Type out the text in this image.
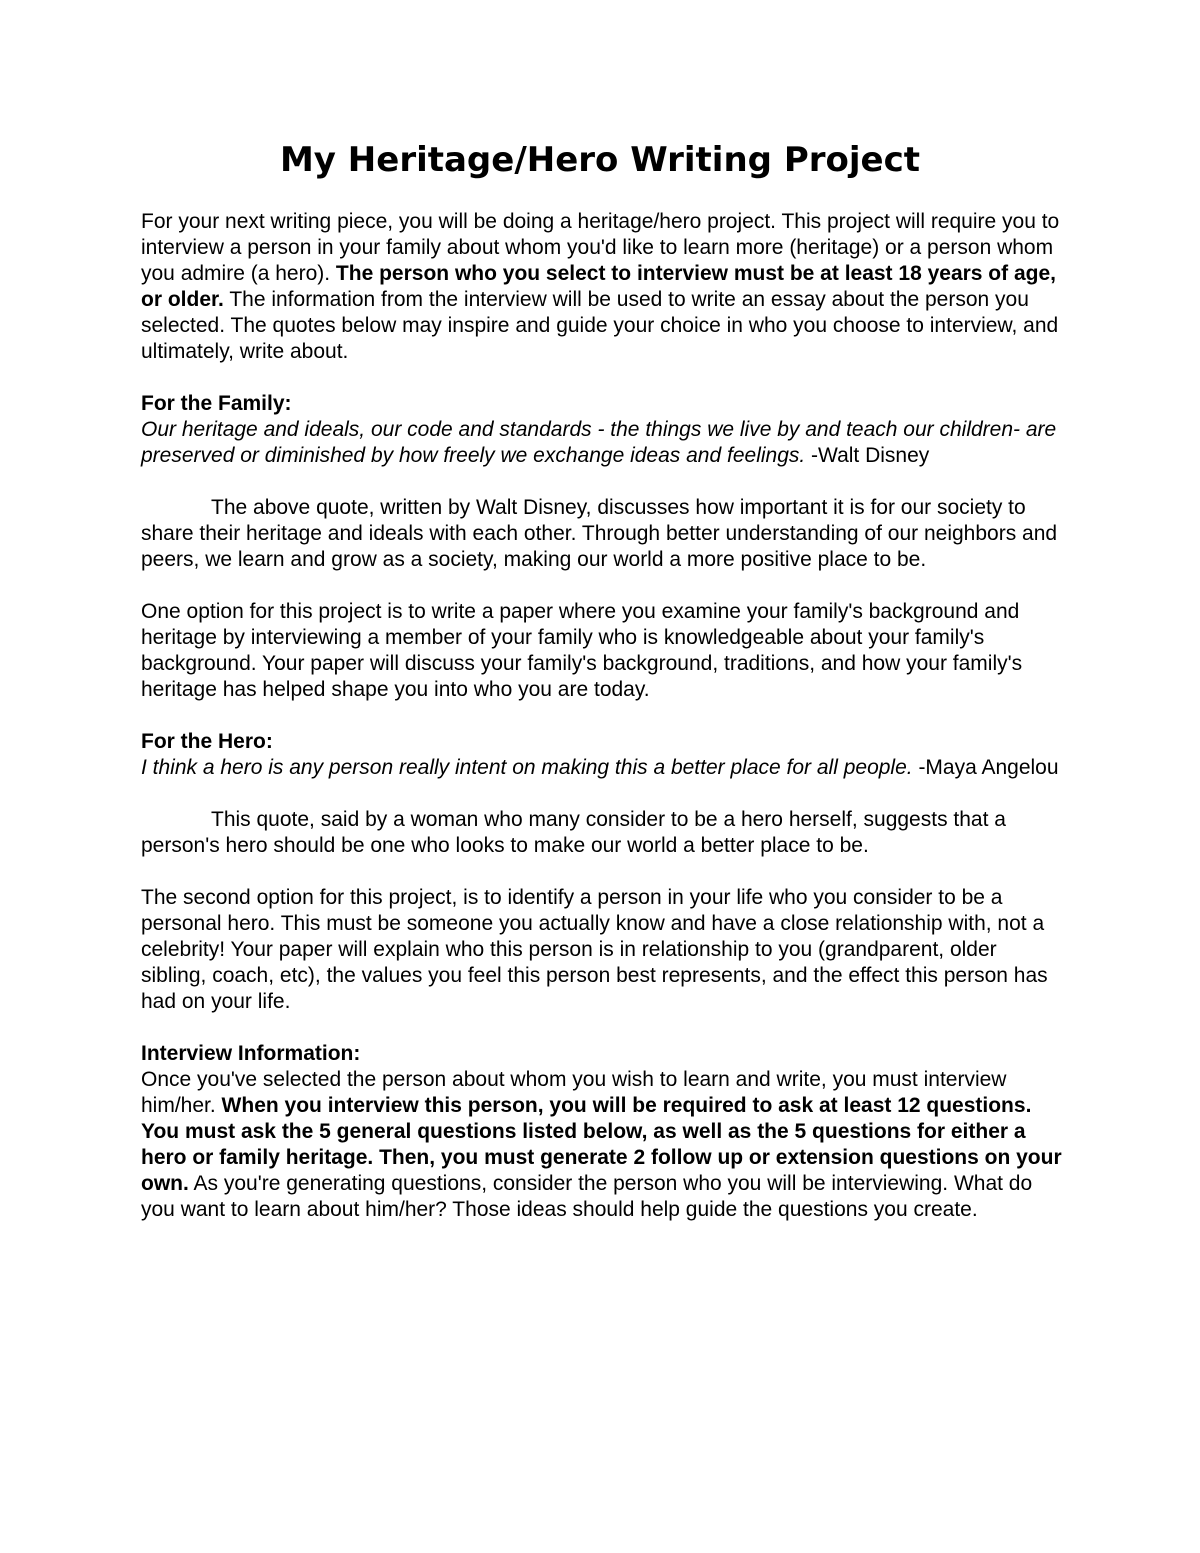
My Heritage/Hero Writing Project

For your next writing piece, you will be doing a heritage/hero project. This project will require you to interview a person in your family about whom you'd like to learn more (heritage) or a person whom you admire (a hero). The person who you select to interview must be at least 18 years of age, or older. The information from the interview will be used to write an essay about the person you selected. The quotes below may inspire and guide your choice in who you choose to interview, and ultimately, write about.

For the Family:

Our heritage and ideals, our code and standards - the things we live by and teach our children- are preserved or diminished by how freely we exchange ideas and feelings. -Walt Disney

The above quote, written by Walt Disney, discusses how important it is for our society to share their heritage and ideals with each other. Through better understanding of our neighbors and peers, we learn and grow as a society, making our world a more positive place to be.

One option for this project is to write a paper where you examine your family's background and heritage by interviewing a member of your family who is knowledgeable about your family's background. Your paper will discuss your family's background, traditions, and how your family's heritage has helped shape you into who you are today.

For the Hero:

I think a hero is any person really intent on making this a better place for all people. -Maya Angelou

This quote, said by a woman who many consider to be a hero herself, suggests that a person's hero should be one who looks to make our world a better place to be.

The second option for this project, is to identify a person in your life who you consider to be a personal hero. This must be someone you actually know and have a close relationship with, not a celebrity! Your paper will explain who this person is in relationship to you (grandparent, older sibling, coach, etc), the values you feel this person best represents, and the effect this person has had on your life.

Interview Information:

Once you've selected the person about whom you wish to learn and write, you must interview him/her. When you interview this person, you will be required to ask at least 12 questions. You must ask the 5 general questions listed below, as well as the 5 questions for either a hero or family heritage. Then, you must generate 2 follow up or extension questions on your own. As you're generating questions, consider the person who you will be interviewing. What do you want to learn about him/her? Those ideas should help guide the questions you create.
